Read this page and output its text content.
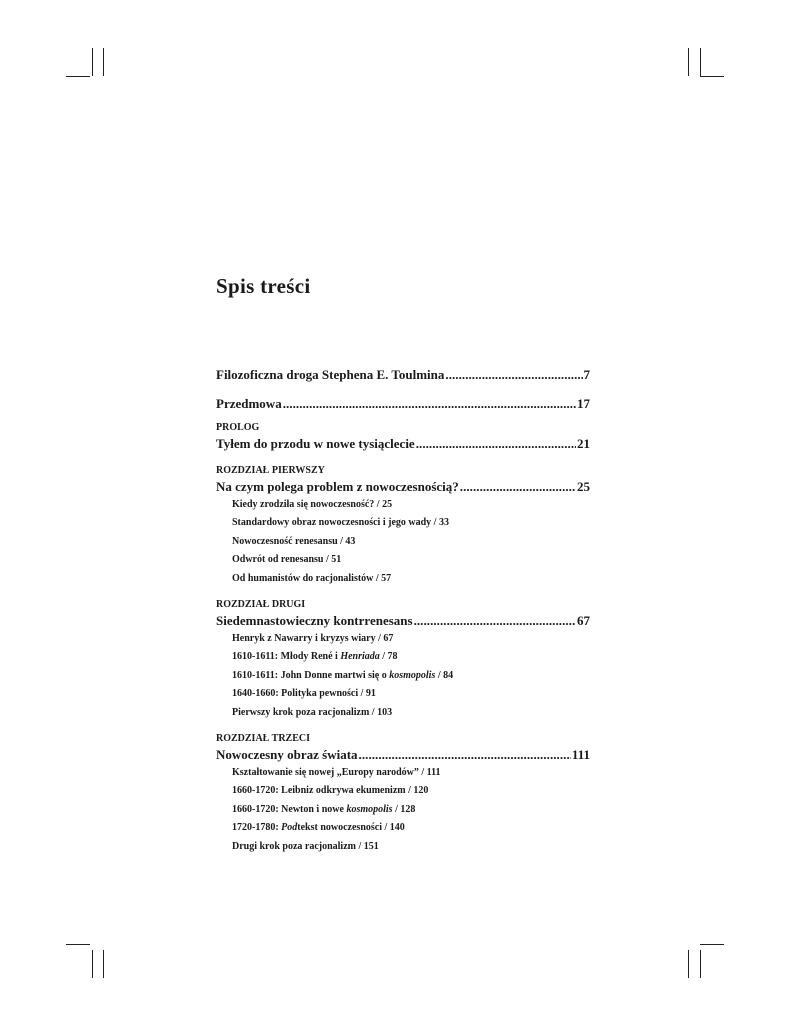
Spis treści
Filozoficzna droga Stephena E. Toulmina . . .	7
Przedmowa . . .	17
PROLOG
Tyłem do przodu w nowe tysiąclecie . . .	21
ROZDZIAŁ PIERWSZY
Na czym polega problem z nowoczesnością? . . .	25
Kiedy zrodziła się nowoczesność? / 25
Standardowy obraz nowoczesności i jego wady / 33
Nowoczesność renesansu / 43
Odwrót od renesansu / 51
Od humanistów do racjonalistów / 57
ROZDZIAŁ DRUGI
Siedemnastowieczny kontrrenesans . . .	67
Henryk z Nawarry i kryzys wiary / 67
1610-1611: Młody René i Henriada / 78
1610-1611: John Donne martwi się o kosmopolis / 84
1640-1660: Polityka pewności / 91
Pierwszy krok poza racjonalizm / 103
ROZDZIAŁ TRZECI
Nowoczesny obraz świata . . .	111
Kształtowanie się nowej „Europy narodów” / 111
1660-1720: Leibniz odkrywa ekumenizm / 120
1660-1720: Newton i nowe kosmopolis / 128
1720-1780: Podtekst nowoczesności / 140
Drugi krok poza racjonalizm / 151
